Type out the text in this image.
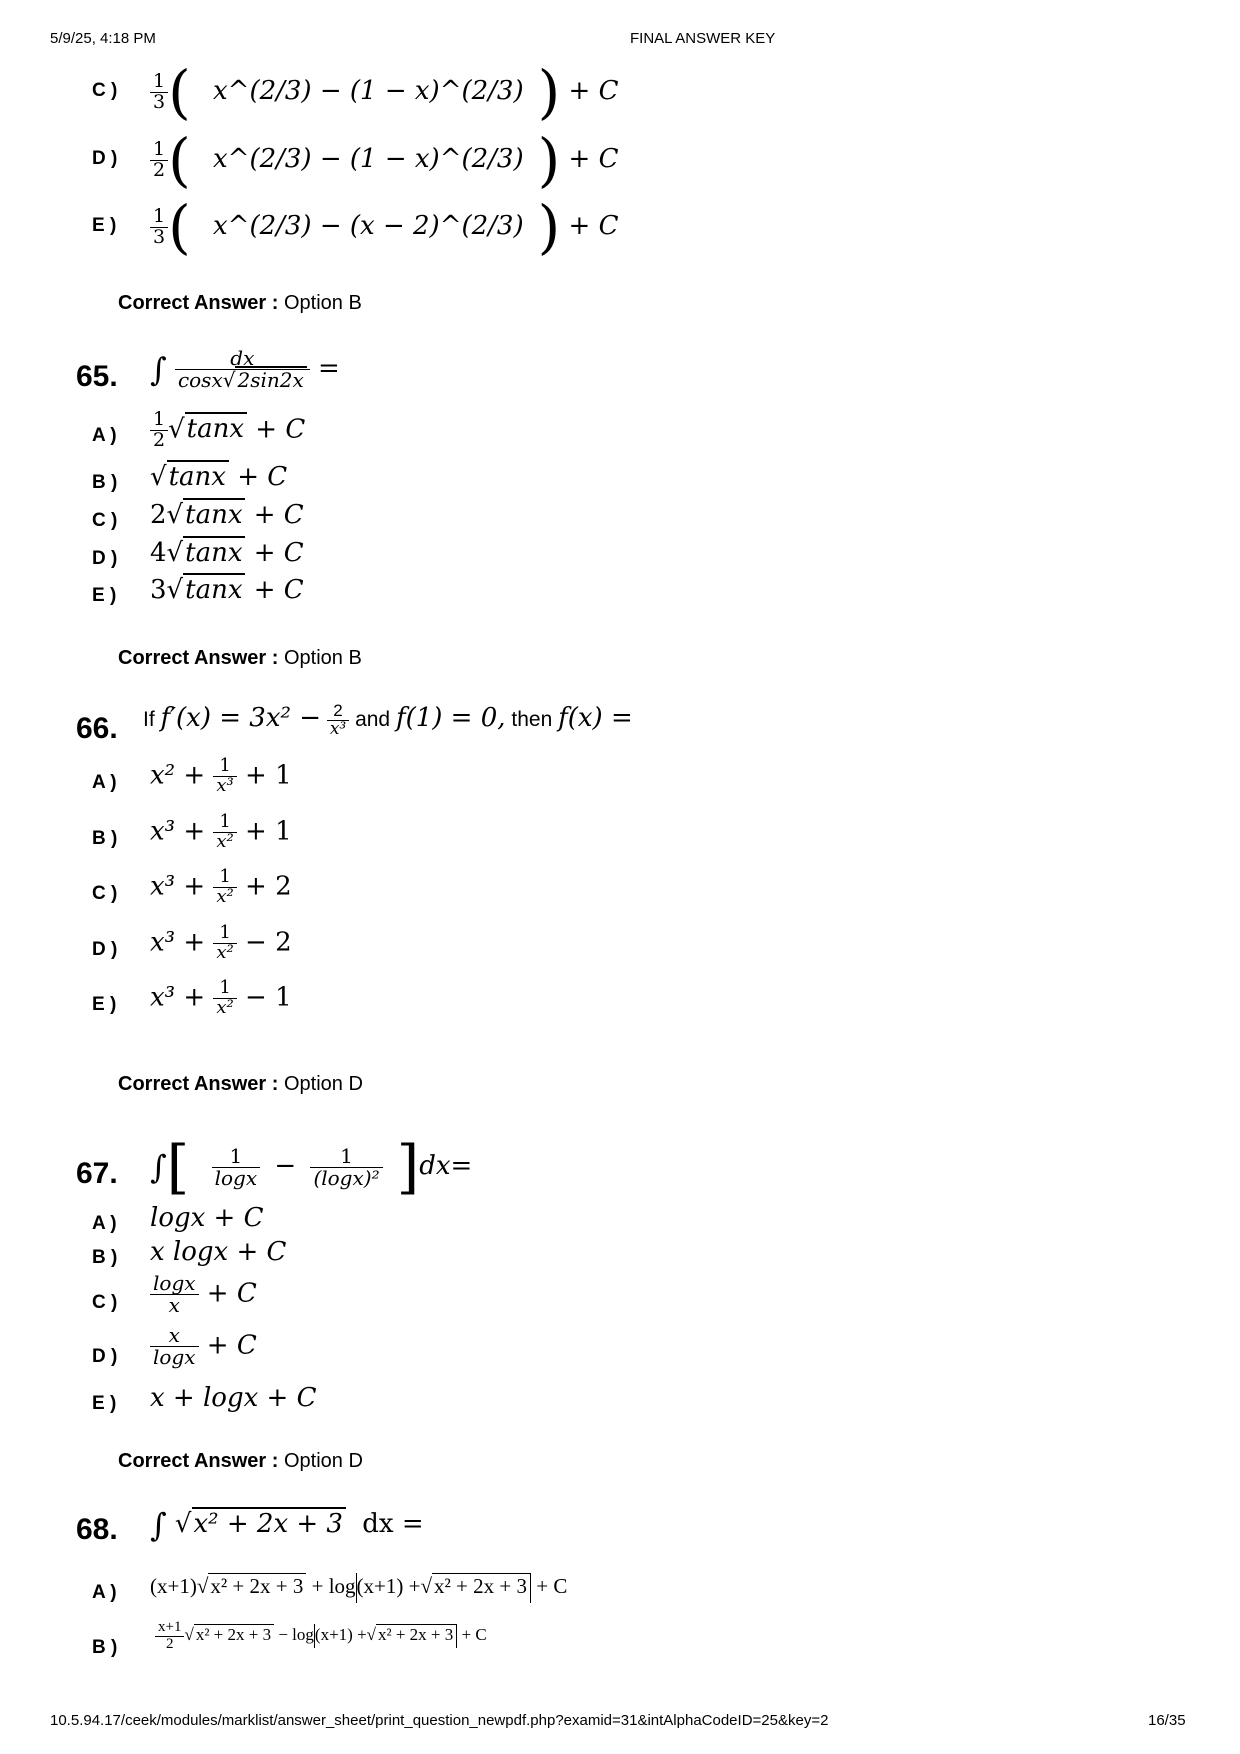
5/9/25, 4:18 PM	FINAL ANSWER KEY
C ) $\frac{1}{3}$ ( x^(2/3) − (1 − x)^(2/3) ) + C
D ) $\frac{1}{2}$ ( x^(2/3) − (1 − x)^(2/3) ) + C
E ) $\frac{1}{3}$ ( x^(2/3) − (x − 2)^(2/3) ) + C
Correct Answer : Option B
65. ∫ $\frac{dx}{\cos x√ 2\sin 2x}$ =
A ) $\frac{1}{2} √\tan x + C$
B ) √tanx + C
C ) 2√tanx + C
D ) 4√tanx + C
E ) 3√tanx + C
Correct Answer : Option B
66. If $f'(x) = 3x^2 - \frac{2}{\text{x³}}$ and f(1) = 0, then f(x) =
A ) $x^2 + \frac{1}{\text{x³}} + 1$
B ) $x^3 + \frac{1}{\text{x²}} + 1$
C ) $x^3 + \frac{1}{\text{x²}} + 2$
D ) $x^3 + \frac{1}{\text{x²}} - 2$
E ) $x^3 + \frac{1}{\text{x²}} - 1$
Correct Answer : Option D
67. ∫[ $\frac{1}{\log x} - \frac{1}{\text{(logx)²}} ]dx=$
A ) logx + C
B ) x logx + C
C ) $\frac{\log x}{x} + C$
D ) $\frac{x}{\log x} + C$
E ) x + logx + C
Correct Answer : Option D
68. ∫ √x² + 2x + 3 dx =
A ) (x+1)√x² + 2x + 3 + log(x+1) +√x² + 2x + 3 + C
B )	$\frac{x+1}{2}$ √ x² + 2x + 3 − log(x+1) +√ x² + 2x + 3 + C
10.5.94.17/ceek/modules/marklist/answer_sheet/print_question_newpdf.php?examid=31&intAlphaCodeID=25&key=2	16/35
